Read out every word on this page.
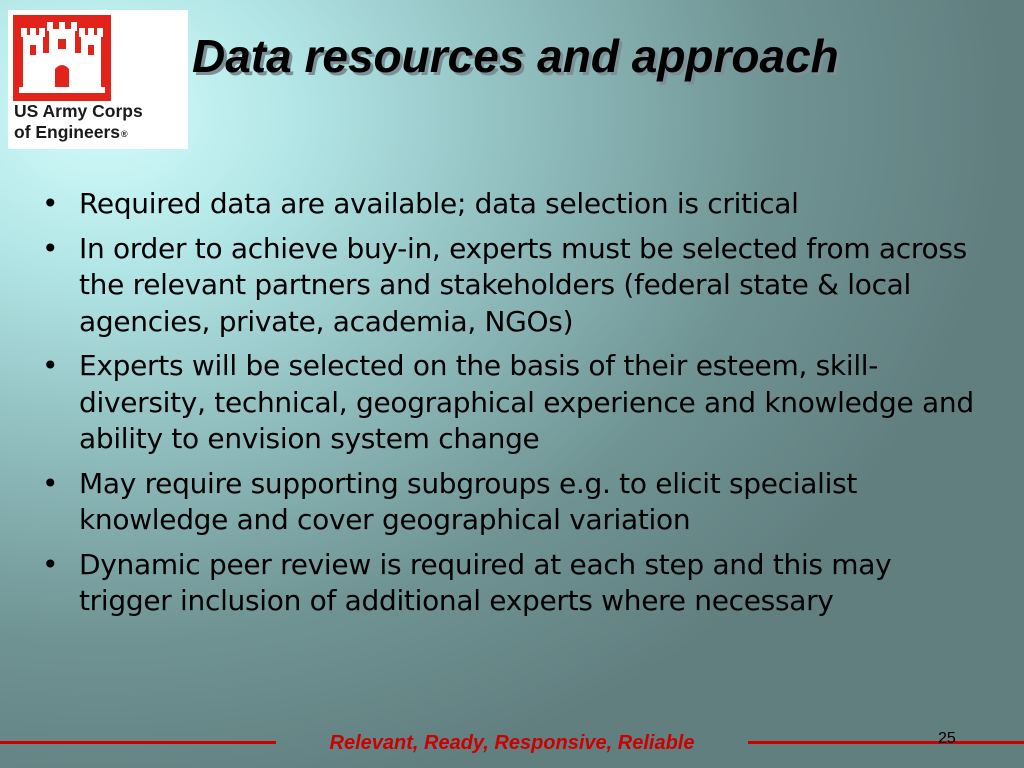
US Army Corps
of Engineers®
Data resources and approach
• Required data are available; data selection is critical
• In order to achieve buy-in, experts must be selected from across the relevant partners and stakeholders (federal state & local agencies, private, academia, NGOs)
• Experts will be selected on the basis of their esteem, skill-diversity, technical, geographical experience and knowledge and ability to envision system change
• May require supporting subgroups e.g. to elicit specialist knowledge and cover geographical variation
• Dynamic peer review is required at each step and this may trigger inclusion of additional experts where necessary
Relevant, Ready, Responsive, Reliable	25
